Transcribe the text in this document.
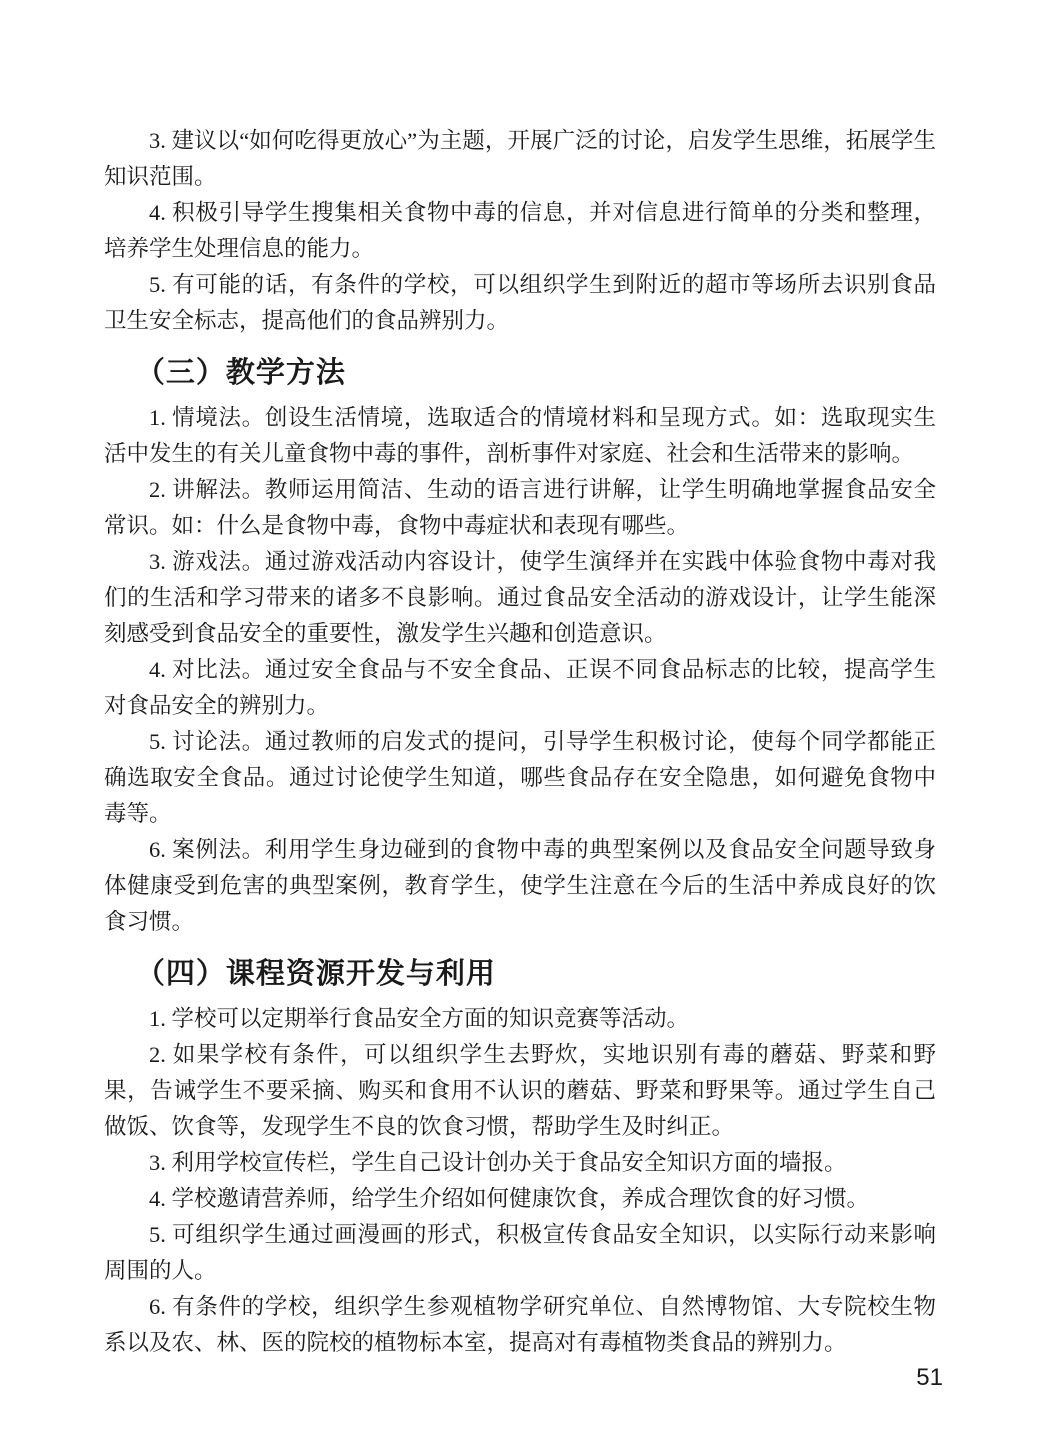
3. 建议以“如何吃得更放心”为主题，开展广泛的讨论，启发学生思维，拓展学生知识范围。

4. 积极引导学生搜集相关食物中毒的信息，并对信息进行简单的分类和整理，培养学生处理信息的能力。

5. 有可能的话，有条件的学校，可以组织学生到附近的超市等场所去识别食品卫生安全标志，提高他们的食品辨别力。

（三）教学方法

1. 情境法。创设生活情境，选取适合的情境材料和呈现方式。如：选取现实生活中发生的有关儿童食物中毒的事件，剖析事件对家庭、社会和生活带来的影响。

2. 讲解法。教师运用简洁、生动的语言进行讲解，让学生明确地掌握食品安全常识。如：什么是食物中毒，食物中毒症状和表现有哪些。

3. 游戏法。通过游戏活动内容设计，使学生演绎并在实践中体验食物中毒对我们的生活和学习带来的诸多不良影响。通过食品安全活动的游戏设计，让学生能深刻感受到食品安全的重要性，激发学生兴趣和创造意识。

4. 对比法。通过安全食品与不安全食品、正误不同食品标志的比较，提高学生对食品安全的辨别力。

5. 讨论法。通过教师的启发式的提问，引导学生积极讨论，使每个同学都能正确选取安全食品。通过讨论使学生知道，哪些食品存在安全隐患，如何避免食物中毒等。

6. 案例法。利用学生身边碰到的食物中毒的典型案例以及食品安全问题导致身体健康受到危害的典型案例，教育学生，使学生注意在今后的生活中养成良好的饮食习惯。

（四）课程资源开发与利用

1. 学校可以定期举行食品安全方面的知识竞赛等活动。

2. 如果学校有条件，可以组织学生去野炊，实地识别有毒的蘑菇、野菜和野果，告诫学生不要采摘、购买和食用不认识的蘑菇、野菜和野果等。通过学生自己做饭、饮食等，发现学生不良的饮食习惯，帮助学生及时纠正。

3. 利用学校宣传栏，学生自己设计创办关于食品安全知识方面的墙报。

4. 学校邀请营养师，给学生介绍如何健康饮食，养成合理饮食的好习惯。

5. 可组织学生通过画漫画的形式，积极宣传食品安全知识，以实际行动来影响周围的人。

6. 有条件的学校，组织学生参观植物学研究单位、自然博物馆、大专院校生物系以及农、林、医的院校的植物标本室，提高对有毒植物类食品的辨别力。

51
